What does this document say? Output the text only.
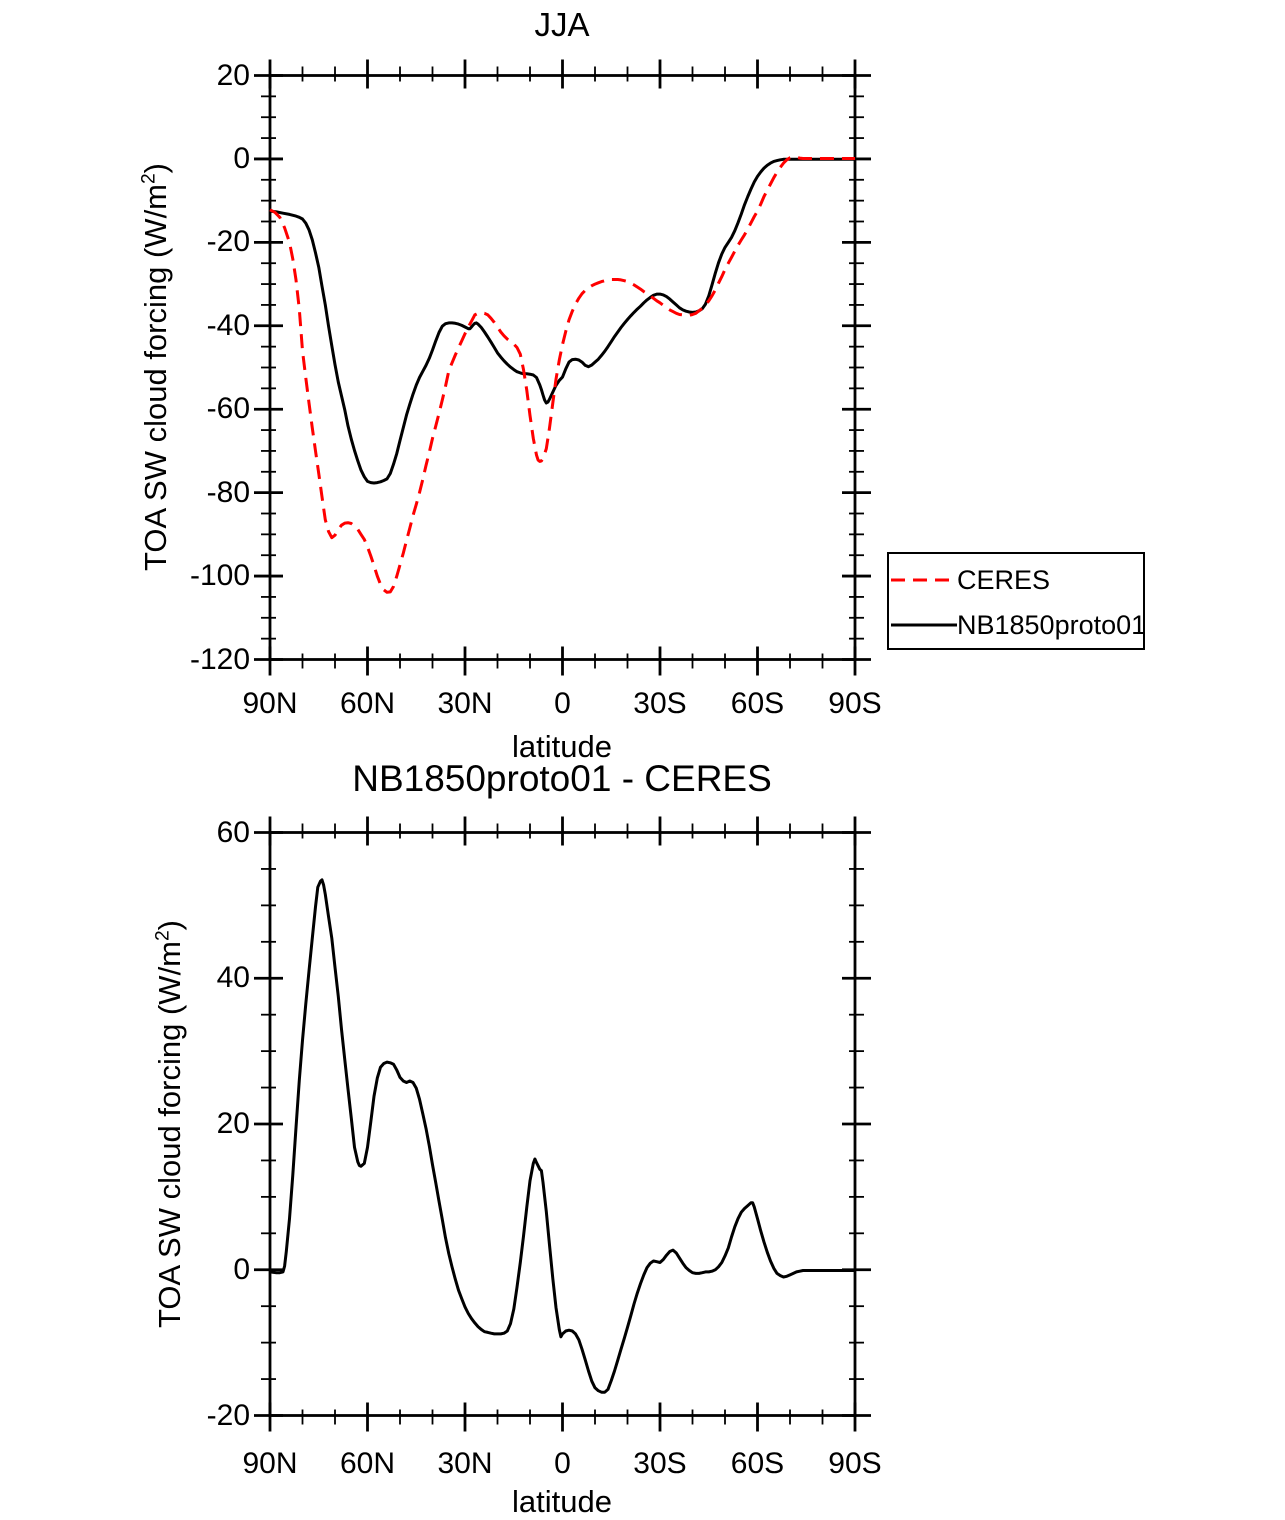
90N 60N 30N 0 30S 60S 90S
20
0
-20
-40
-60
-80
-100
-120
90N 60N 30N 0 30S 60S 90S
60
40
20
0
-20
JJA
NB1850proto01 - CERES
latitude
latitude
TOA SW cloud forcing $(W/m^2)$
TOA SW cloud forcing $(W/m^2)$
CERES
NB1850proto01
